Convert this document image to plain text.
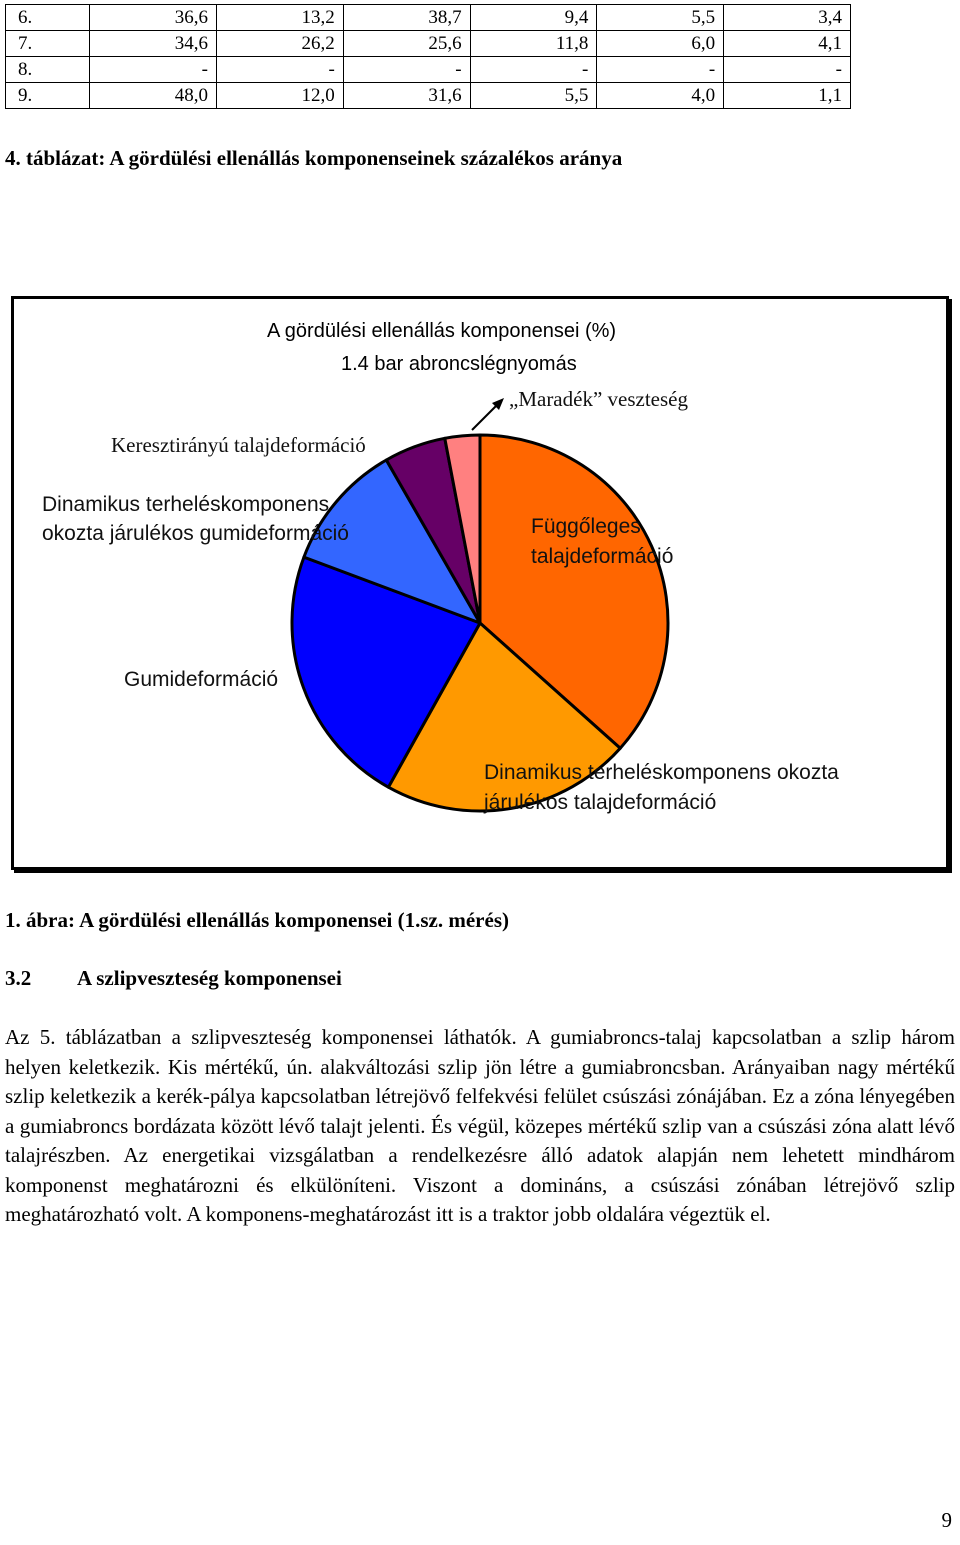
6.	36,6	13,2	38,7	9,4	5,5	3,4
7.	34,6	26,2	25,6	11,8	6,0	4,1
8.	-	-	-	-	-	-
9.	48,0	12,0	31,6	5,5	4,0	1,1
4. táblázat: A gördülési ellenállás komponenseinek százalékos aránya
A gördülési ellenállás komponensei (%)
1.4 bar abroncslégnyomás
„Maradék” veszteség
Keresztirányú talajdeformáció
Dinamikus terheléskomponens
okozta járulékos gumideformáció	Függőleges
talajdeformáció
Gumideformáció
Dinamikus terheléskomponens okozta
járulékos talajdeformáció
1. ábra: A gördülési ellenállás komponensei (1.sz. mérés)
3.2 A szlipveszteség komponensei

Az 5. táblázatban a szlipveszteség komponensei láthatók. A gumiabroncs-talaj kapcsolatban a szlip három helyen keletkezik. Kis mértékű, ún. alakváltozási szlip jön létre a gumiabroncsban. Arányaiban nagy mértékű szlip keletkezik a kerék-pálya kapcsolatban létrejövő felfekvési felület csúszási zónájában. Ez a zóna lényegében a gumiabroncs bordázata között lévő talajt jelenti. És végül, közepes mértékű szlip van a csúszási zóna alatt lévő talajrészben. Az energetikai vizsgálatban a rendelkezésre álló adatok alapján nem lehetett mindhárom komponenst meghatározni és elkülöníteni. Viszont a domináns, a csúszási zónában létrejövő szlip meghatározható volt. A komponens-meghatározást itt is a traktor jobb oldalára végeztük el.

9
